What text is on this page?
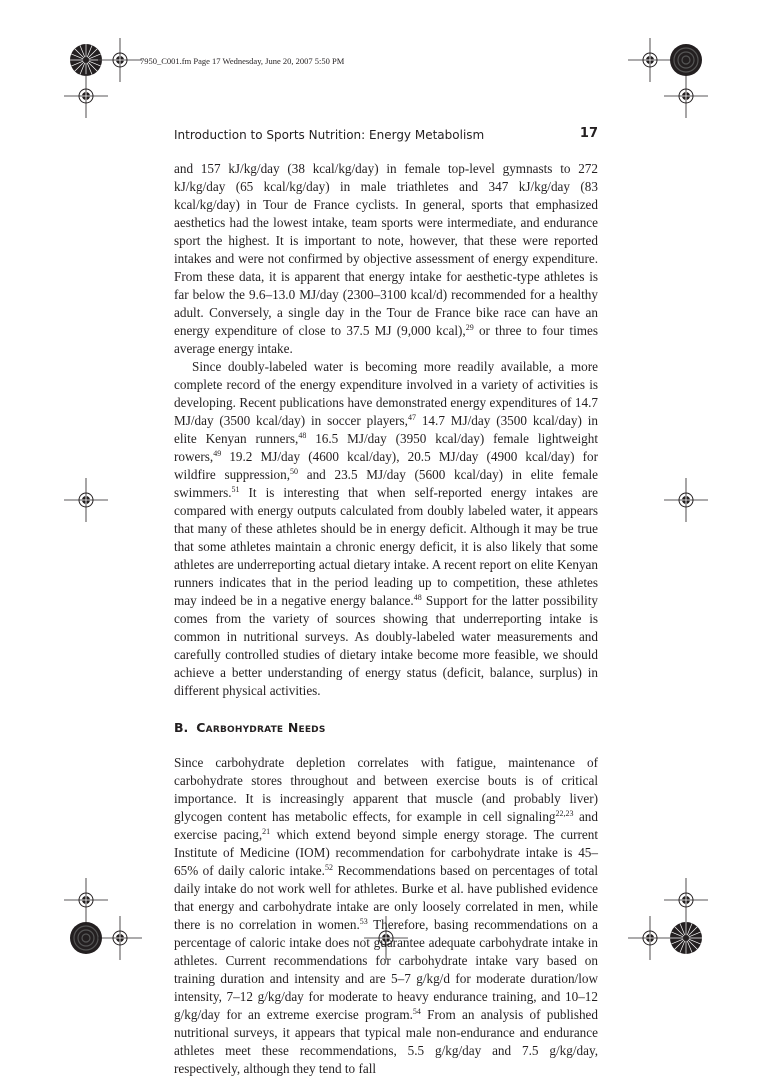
7950_C001.fm Page 17 Wednesday, June 20, 2007 5:50 PM
Introduction to Sports Nutrition: Energy Metabolism	17

and 157 kJ/kg/day (38 kcal/kg/day) in female top-level gymnasts to 272 kJ/kg/day (65 kcal/kg/day) in male triathletes and 347 kJ/kg/day (83 kcal/kg/day) in Tour de France cyclists. In general, sports that emphasized aesthetics had the lowest intake, team sports were intermediate, and endurance sport the highest. It is important to note, however, that these were reported intakes and were not confirmed by objective assessment of energy expenditure. From these data, it is apparent that energy intake for aesthetic-type athletes is far below the 9.6–13.0 MJ/day (2300–3100 kcal/d) recommended for a healthy adult. Conversely, a single day in the Tour de France bike race can have an energy expenditure of close to 37.5 MJ (9,000 kcal),$^{29}$ or three to four times average energy intake.

Since doubly-labeled water is becoming more readily available, a more complete record of the energy expenditure involved in a variety of activities is developing. Recent publications have demonstrated energy expenditures of 14.7 MJ/day (3500 kcal/day) in soccer players,$^{47}$ 14.7 MJ/day (3500 kcal/day) in elite Kenyan runners,$^{48}$ 16.5 MJ/day (3950 kcal/day) female lightweight rowers,$^{49}$ 19.2 MJ/day (4600 kcal/day), 20.5 MJ/day (4900 kcal/day) for wildfire suppression,$^{50}$ and 23.5 MJ/day (5600 kcal/day) in elite female swimmers.$^{51}$ It is interesting that when self-reported energy intakes are compared with energy outputs calculated from doubly labeled water, it appears that many of these athletes should be in energy deficit. Although it may be true that some athletes maintain a chronic energy deficit, it is also likely that some athletes are underreporting actual dietary intake. A recent report on elite Kenyan runners indicates that in the period leading up to competition, these athletes may indeed be in a negative energy balance.$^{48}$ Support for the latter possibility comes from the variety of sources showing that underreporting intake is common in nutritional surveys. As doubly-labeled water measurements and carefully controlled studies of dietary intake become more feasible, we should achieve a better understanding of energy status (deficit, balance, surplus) in different physical activities.

B. Carbohydrate Needs

Since carbohydrate depletion correlates with fatigue, maintenance of carbohydrate stores throughout and between exercise bouts is of critical importance. It is increasingly apparent that muscle (and probably liver) glycogen content has metabolic effects, for example in cell signaling$^{22,23}$ and exercise pacing,$^{21}$ which extend beyond simple energy storage. The current Institute of Medicine (IOM) recommendation for carbohydrate intake is 45–65% of daily caloric intake.$^{52}$ Recommendations based on percentages of total daily intake do not work well for athletes. Burke et al. have published evidence that energy and carbohydrate intake are only loosely correlated in men, while there is no correlation in women.$^{53}$ Therefore, basing recommendations on a percentage of caloric intake does not guarantee adequate carbohydrate intake in athletes. Current recommendations for carbohydrate intake vary based on training duration and intensity and are 5–7 g/kg/d for moderate duration/low intensity, 7–12 g/kg/day for moderate to heavy endurance training, and 10–12 g/kg/day for an extreme exercise program.$^{54}$ From an analysis of published nutritional surveys, it appears that typical male non-endurance and endurance athletes meet these recommendations, 5.5 g/kg/day and 7.5 g/kg/day, respectively, although they tend to fall
